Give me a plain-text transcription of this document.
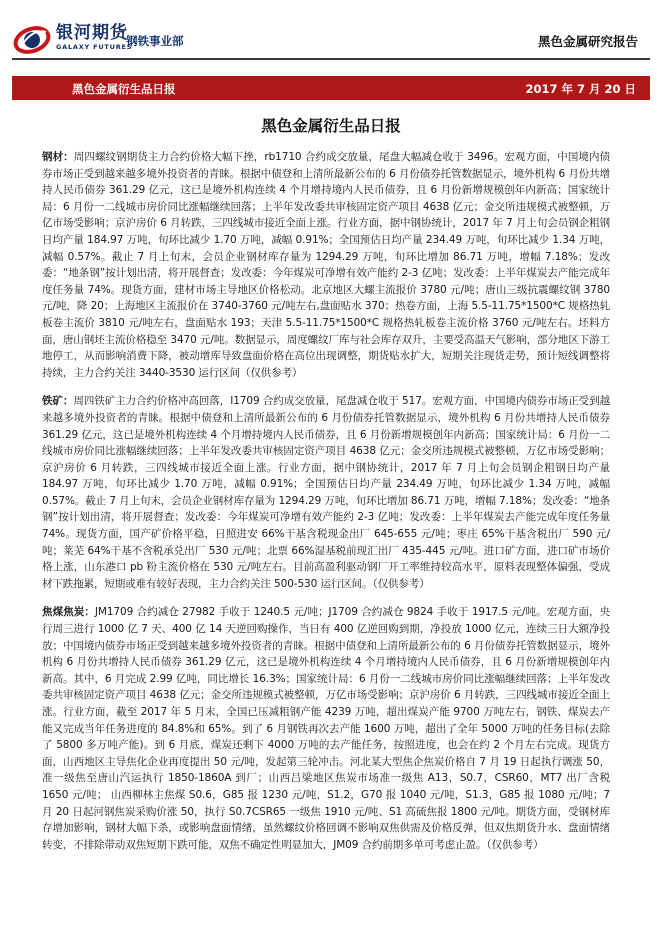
银河期货
GALAXY FUTURES
钢铁事业部	黑色金属研究报告
黑色金属衍生品日报	2017 年 7 月 20 日
黑色金属衍生品日报

钢材：周四螺纹钢期货主力合约价格大幅下挫，rb1710 合约成交放量，尾盘大幅减仓收于 3496。宏观方面，中国境内债券市场正受到越来越多境外投资者的青睐。根据中债登和上清所最新公布的 6 月份债券托管数据显示，境外机构 6 月份共增持人民币债券 361.29 亿元，这已是境外机构连续 4 个月增持境内人民币债券，且 6 月份新增规模创年内新高；国家统计局：6 月份一二线城市房价同比涨幅继续回落；上半年发改委共审核固定资产项目 4638 亿元；金交所违规模式被整顿，万亿市场受影响；京沪房价 6 月转跌，三四线城市接近全面上涨。行业方面，据中钢协统计，2017 年 7 月上旬会员钢企粗钢日均产量 184.97 万吨，旬环比减少 1.70 万吨，减幅 0.91%；全国预估日均产量 234.49 万吨，旬环比减少 1.34 万吨，减幅 0.57%。截止 7 月上旬末，会员企业钢材库存量为 1294.29 万吨，旬环比增加 86.71 万吨，增幅 7.18%；发改委：“地条钢”按计划出清，将开展督查；发改委：今年煤炭可净增有效产能约 2-3 亿吨；发改委：上半年煤炭去产能完成年度任务量 74%。现货方面，建材市场主导地区价格松动。北京地区大螺主流报价 3780 元/吨；唐山三级抗震螺纹钢 3780 元/吨，降 20；上海地区主流报价在 3740-3760 元/吨左右,盘面贴水 370；热卷方面，上海 5.5-11.75*1500*C 规格热轧板卷主流价 3810 元/吨左右，盘面贴水 193；天津 5.5-11.75*1500*C 规格热轧板卷主流价格 3760 元/吨左右。坯料方面，唐山钢坯主流价格稳至 3470 元/吨。数据显示，周度螺纹厂库与社会库存双升，主要受高温天气影响，部分地区下游工地停工，从而影响消费下降，被动增库导致盘面价格在高位出现调整，期货贴水扩大，短期关注现货走势，预计短线调整将持续，主力合约关注 3440-3530 运行区间（仅供参考）

铁矿：周四铁矿主力合约价格冲高回落，I1709 合约成交放量，尾盘减仓收于 517。宏观方面，中国境内债券市场正受到越来越多境外投资者的青睐。根据中债登和上清所最新公布的 6 月份债券托管数据显示，境外机构 6 月份共增持人民币债券 361.29 亿元，这已是境外机构连续 4 个月增持境内人民币债券，且 6 月份新增规模创年内新高；国家统计局：6 月份一二线城市房价同比涨幅继续回落；上半年发改委共审核固定资产项目 4638 亿元；金交所违规模式被整顿，万亿市场受影响；京沪房价 6 月转跌，三四线城市接近全面上涨。行业方面，据中钢协统计，2017 年 7 月上旬会员钢企粗钢日均产量 184.97 万吨，旬环比减少 1.70 万吨，减幅 0.91%；全国预估日均产量 234.49 万吨，旬环比减少 1.34 万吨，减幅 0.57%。截止 7 月上旬末，会员企业钢材库存量为 1294.29 万吨，旬环比增加 86.71 万吨，增幅 7.18%；发改委：“地条钢”按计划出清，将开展督查；发改委：今年煤炭可净增有效产能约 2-3 亿吨；发改委：上半年煤炭去产能完成年度任务量 74%。现货方面，国产矿价格平稳，日照进安 66%干基含税现金出厂 645-655 元/吨；枣庄 65%干基含税出厂 590 元/吨；莱芜 64%干基不含税承兑出厂 530 元/吨；北票 66%湿基税前现汇出厂 435-445 元/吨。进口矿方面，进口矿市场价格上涨，山东港口 pb 粉主流价格在 530 元/吨左右。目前高盈利驱动钢厂开工率维持较高水平，原料表现整体偏强，受成材下跌拖累，短期或难有较好表现，主力合约关注 500-530 运行区间。（仅供参考）

焦煤焦炭：JM1709 合约减仓 27982 手收于 1240.5 元/吨；J1709 合约减仓 9824 手收于 1917.5 元/吨。宏观方面，央行周三进行 1000 亿 7 天、400 亿 14 天逆回购操作，当日有 400 亿逆回购到期，净投放 1000 亿元，连续三日大额净投放；中国境内债券市场正受到越来越多境外投资者的青睐。根据中债登和上清所最新公布的 6 月份债券托管数据显示，境外机构 6 月份共增持人民币债券 361.29 亿元，这已是境外机构连续 4 个月增持境内人民币债券，且 6 月份新增规模创年内新高。其中，6 月完成 2.99 亿吨，同比增长 16.3%；国家统计局：6 月份一二线城市房价同比涨幅继续回落；上半年发改委共审核固定资产项目 4638 亿元；金交所违规模式被整顿，万亿市场受影响；京沪房价 6 月转跌，三四线城市接近全面上涨。行业方面，截至 2017 年 5 月末，全国已压减粗钢产能 4239 万吨，超出煤炭产能 9700 万吨左右，钢铁、煤炭去产能又完成当年任务进度的 84.8%和 65%。到了 6 月钢铁再次去产能 1600 万吨，超出了全年 5000 万吨的任务目标(去除了 5800 多万吨产能)。到 6 月底，煤炭还剩下 4000 万吨的去产能任务，按照进度，也会在约 2 个月左右完成。现货方面，山西地区主导焦化企业再度提出 50 元/吨，发起第三轮冲击。河北某大型焦企焦炭价格自 7 月 19 日起执行调涨 50，准一级焦至唐山汽运执行 1850-1860A 到厂；山西吕梁地区焦炭市场准一级焦 A13，S0.7，CSR60，MT7 出厂含税 1650 元/吨； 山西柳林主焦煤 S0.6，G85 报 1230 元/吨，S1.2，G70 报 1040 元/吨，S1.3，G85 报 1080 元/吨；7 月 20 日起河钢焦炭采购价涨 50，执行 S0.7CSR65 一级焦 1910 元/吨、S1 高硫焦报 1800 元/吨。期货方面，受钢材库存增加影响，钢材大幅下杀，或影响盘面情绪，虽然螺纹价格回调不影响双焦供需及价格反弹，但双焦期货升水、盘面情绪转变，不排除带动双焦短期下跌可能，双焦不确定性明显加大，JM09 合约前期多单可考虑止盈。（仅供参考）
